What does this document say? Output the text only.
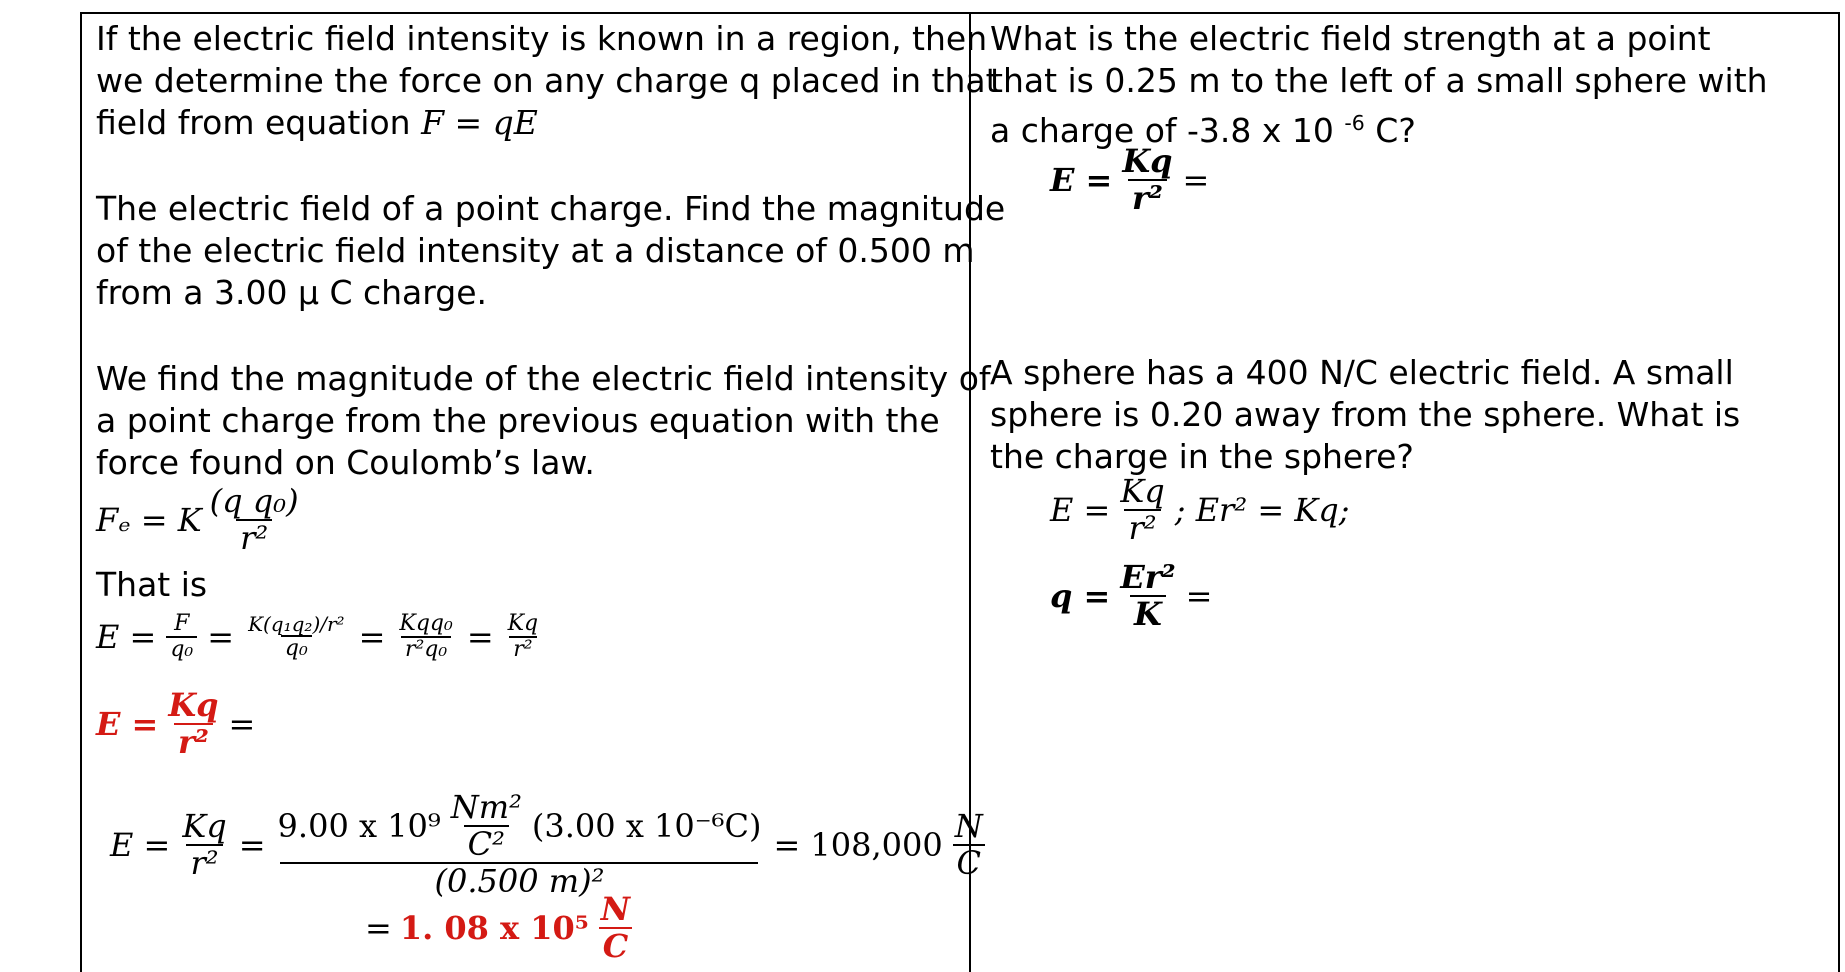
If the electric field intensity is known in a region, then

we determine the force on any charge q placed in that

field from equation F = qE

The electric field of a point charge. Find the magnitude

of the electric field intensity at a distance of 0.500 m

from a 3.00 μ C charge.

We find the magnitude of the electric field intensity of

a point charge from the previous equation with the

force found on Coulomb’s law.

Fₑ = K $\frac{\text{(q q₀)}}{\text{r²}}$

That is

$E = \frac{F}{\text{q₀}} = \frac{\text{K(q₁q₂)/r²}}{\text{q₀}} = \frac{\text{Kqq₀}}{\text{r²q₀}} = \frac{Kq}{\text{r²}}$
$E = \frac{Kq}{\text{r²}}$ =
$E = \frac{Kq}{\text{r²}}$ =
9.00 x $10^9 \frac{\text{Nm²}}{\text{C²}} (3.00$ x 10⁻⁶C)
(0.500 m)²
= $108,000 \frac{N}{C}$
= 1. 08 x $10^5 \frac{N}{C}$

What is the electric field strength at a point

that is 0.25 m to the left of a small sphere with

a charge of -3.8 x 10 $^{-6}$ C?

$E = \frac{Kq}{\text{r²}}$ =

A sphere has a 400 N/C electric field. A small

sphere is 0.20 away from the sphere. What is

the charge in the sphere?

$E = \frac{Kq}{\text{r²}}$ ; Er² = Kq;
$q = \frac{\text{Er²}}{K}$ =
